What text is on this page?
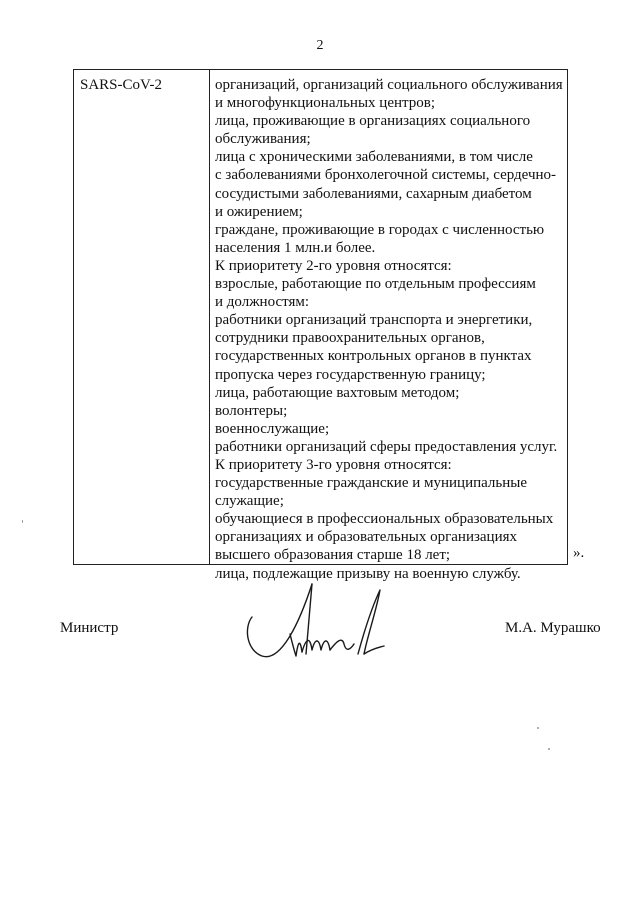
2
SARS-CoV-2	организаций, организаций социального обслуживания
и многофункциональных центров;
лица, проживающие в организациях социального
обслуживания;
лица с хроническими заболеваниями, в том числе
с заболеваниями бронхолегочной системы, сердечно-
сосудистыми заболеваниями, сахарным диабетом
и ожирением;
граждане, проживающие в городах с численностью
населения 1 млн.и более.
К приоритету 2-го уровня относятся:
взрослые, работающие по отдельным профессиям
и должностям:
работники организаций транспорта и энергетики,
сотрудники правоохранительных органов,
государственных контрольных органов в пунктах
пропуска через государственную границу;
лица, работающие вахтовым методом;
волонтеры;
военнослужащие;
работники организаций сферы предоставления услуг.
К приоритету 3-го уровня относятся:
государственные гражданские и муниципальные
служащие;
обучающиеся в профессиональных образовательных
организациях и образовательных организациях
высшего образования старше 18 лет;
лица, подлежащие призыву на военную службу.
».
Министр	М.А. Мурашко
